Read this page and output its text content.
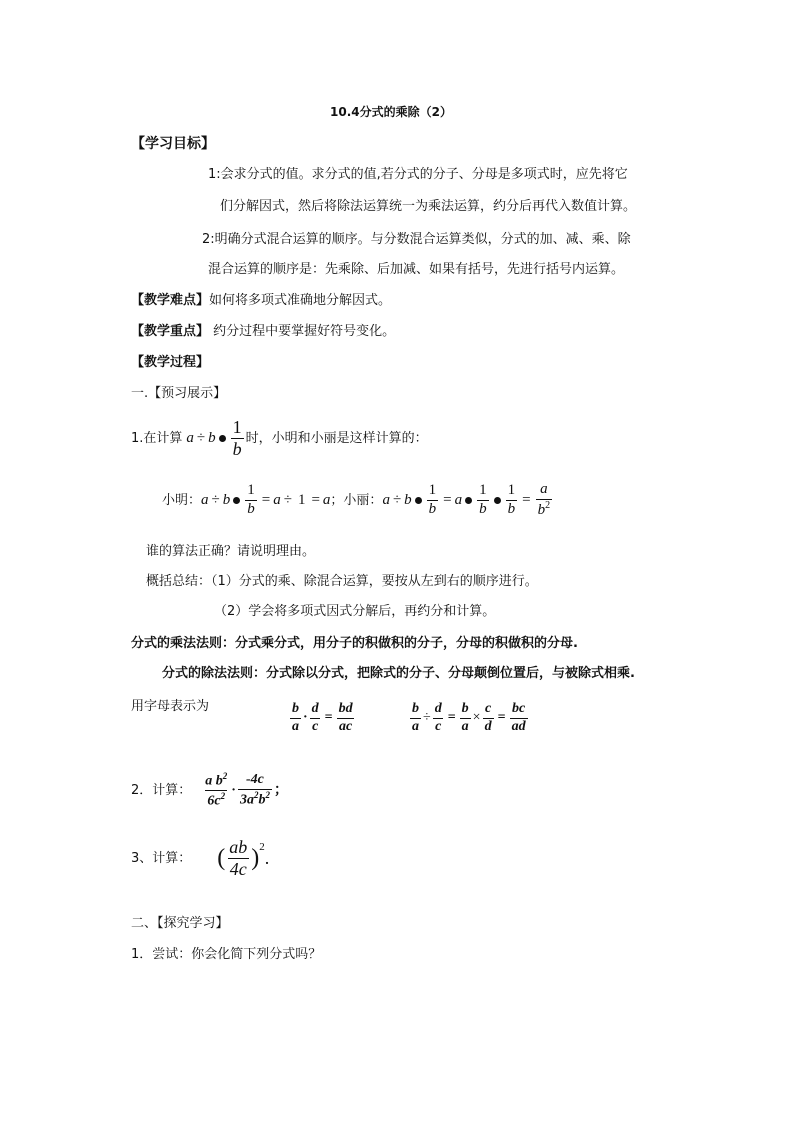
10.4分式的乘除（2）
【学习目标】
1:会求分式的值。求分式的值,若分式的分子、分母是多项式时，应先将它
们分解因式，然后将除法运算统一为乘法运算，约分后再代入数值计算。
2:明确分式混合运算的顺序。与分数混合运算类似，分式的加、减、乘、除
混合运算的顺序是：先乘除、后加减、如果有括号，先进行括号内运算。
【教学难点】如何将多项式准确地分解因式。
【教学重点】 约分过程中要掌握好符号变化。
【教学过程】
一.【预习展示】
1.在计算 a ÷ b $\frac{1}{b}$ 时，小明和小丽是这样计算的：
小明： a ÷ b $\frac{1}{b} = a \div 1 = a$ ；小丽： a ÷ b $\frac{1}{b} = a \frac{1}{b} \frac{1}{b} = \frac{a}{b^2}$
谁的算法正确？请说明理由。
概括总结：（1）分式的乘、除混合运算，要按从左到右的顺序进行。
（2）学会将多项式因式分解后，再约分和计算。
分式的乘法法则：分式乘分式，用分子的积做积的分子，分母的积做积的分母.
分式的除法法则：分式除以分式，把除式的分子、分母颠倒位置后，与被除式相乘.
用字母表示为	$\frac{b}{a} \cdot \frac{d}{c} = \frac{bd}{ac}$	$\frac{b}{a} \div \frac{d}{c} = \frac{b}{a} \times \frac{c}{d} = \frac{bc}{ad}$
2．计算： $\frac{a b^2}{6c^2} \cdot \frac{-4c}{3a^2b^2}$ ；
3、计算： ( $\frac{ab}{4c} )^2$
.
二、【探究学习】
1．尝试：你会化简下列分式吗？
